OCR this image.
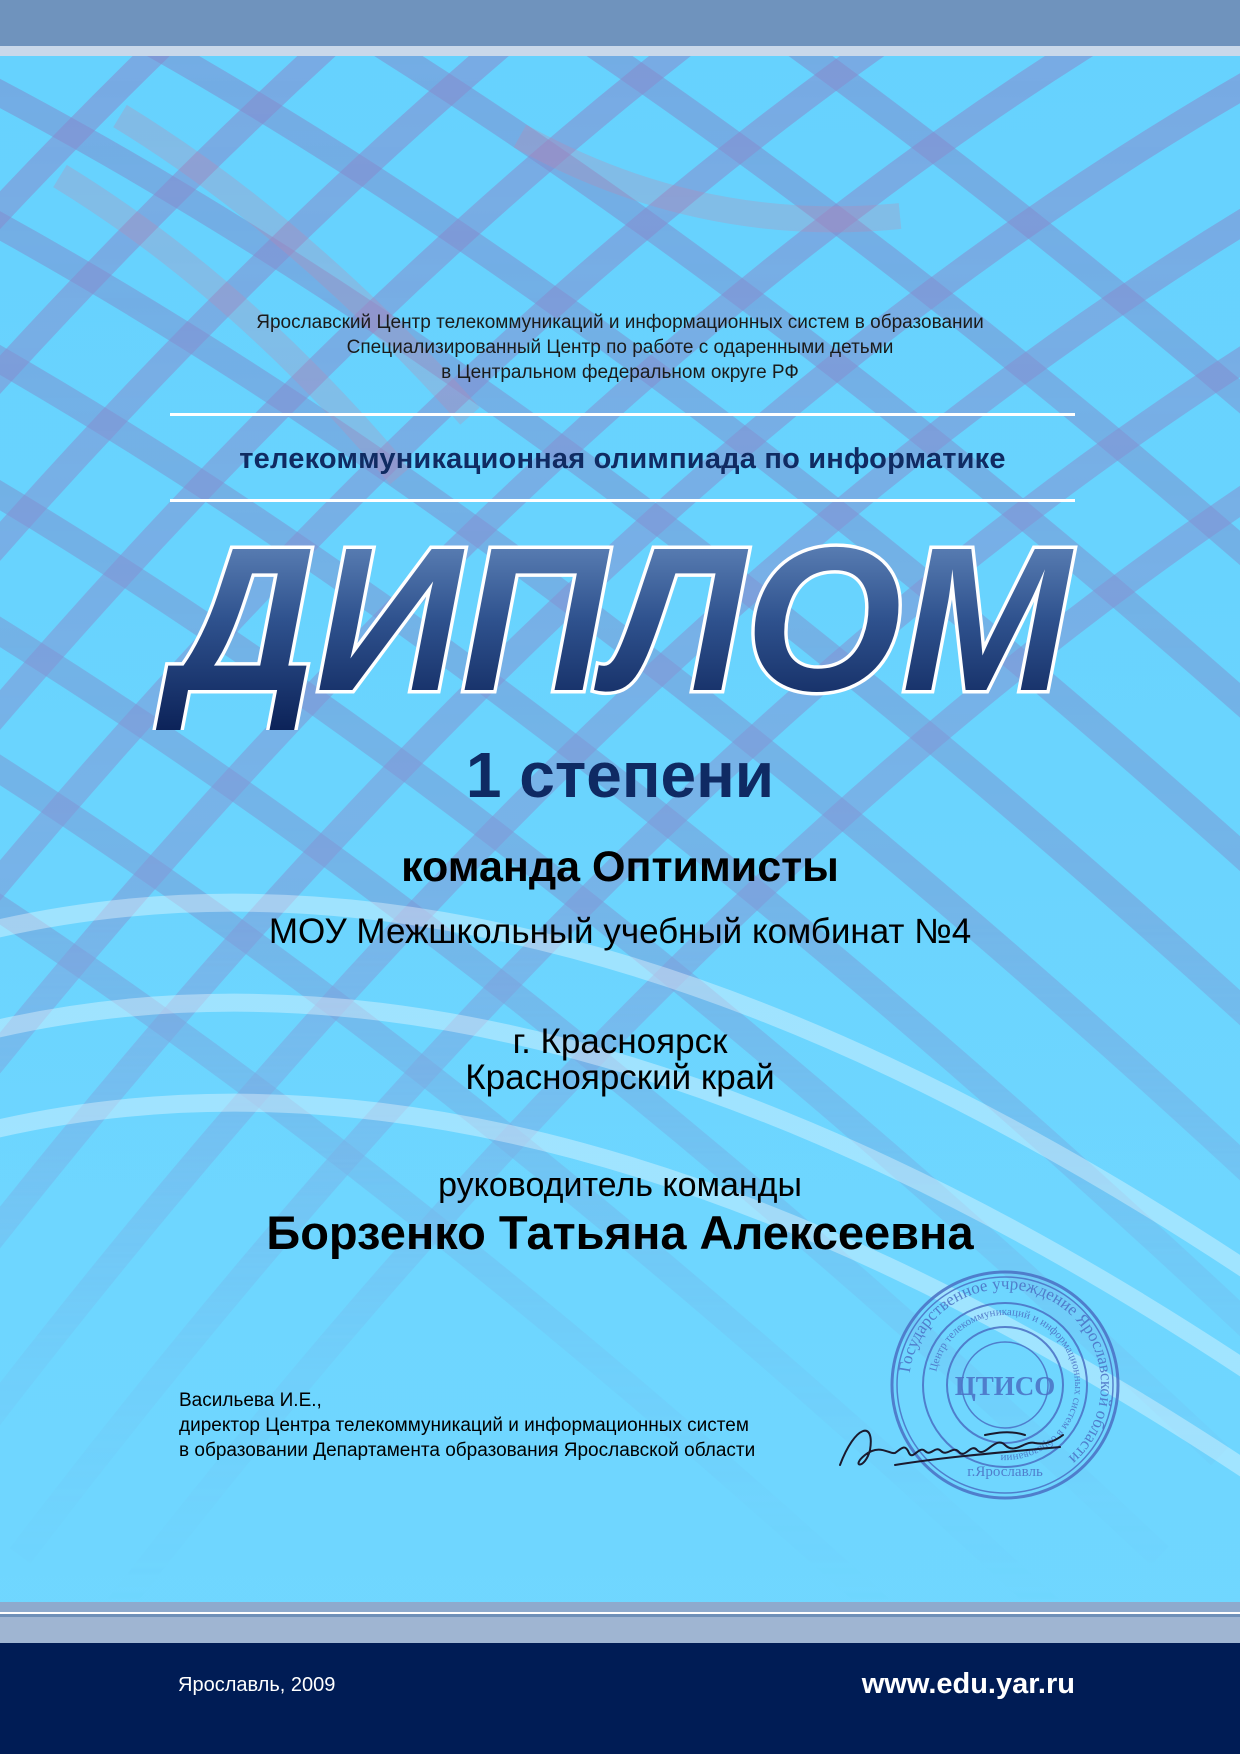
Ярославский Центр телекоммуникаций и информационных систем в образовании
Специализированный Центр по работе с одаренными детьми
в Центральном федеральном округе РФ
телекоммуникационная олимпиада по информатике
ДИПЛОМ
1 степени
команда Оптимисты
МОУ Межшкольный учебный комбинат №4
г. Красноярск
Красноярский край
руководитель команды
Борзенко Татьяна Алексеевна
Васильева И.Е.,
директор Центра телекоммуникаций и информационных систем
в образовании Департамента образования Ярославской области
Государственное учреждение Ярославской области
Центр телекоммуникаций и информационных систем в образовании
ЦТИСО
г.Ярославль
Ярославль, 2009	www.edu.yar.ru
